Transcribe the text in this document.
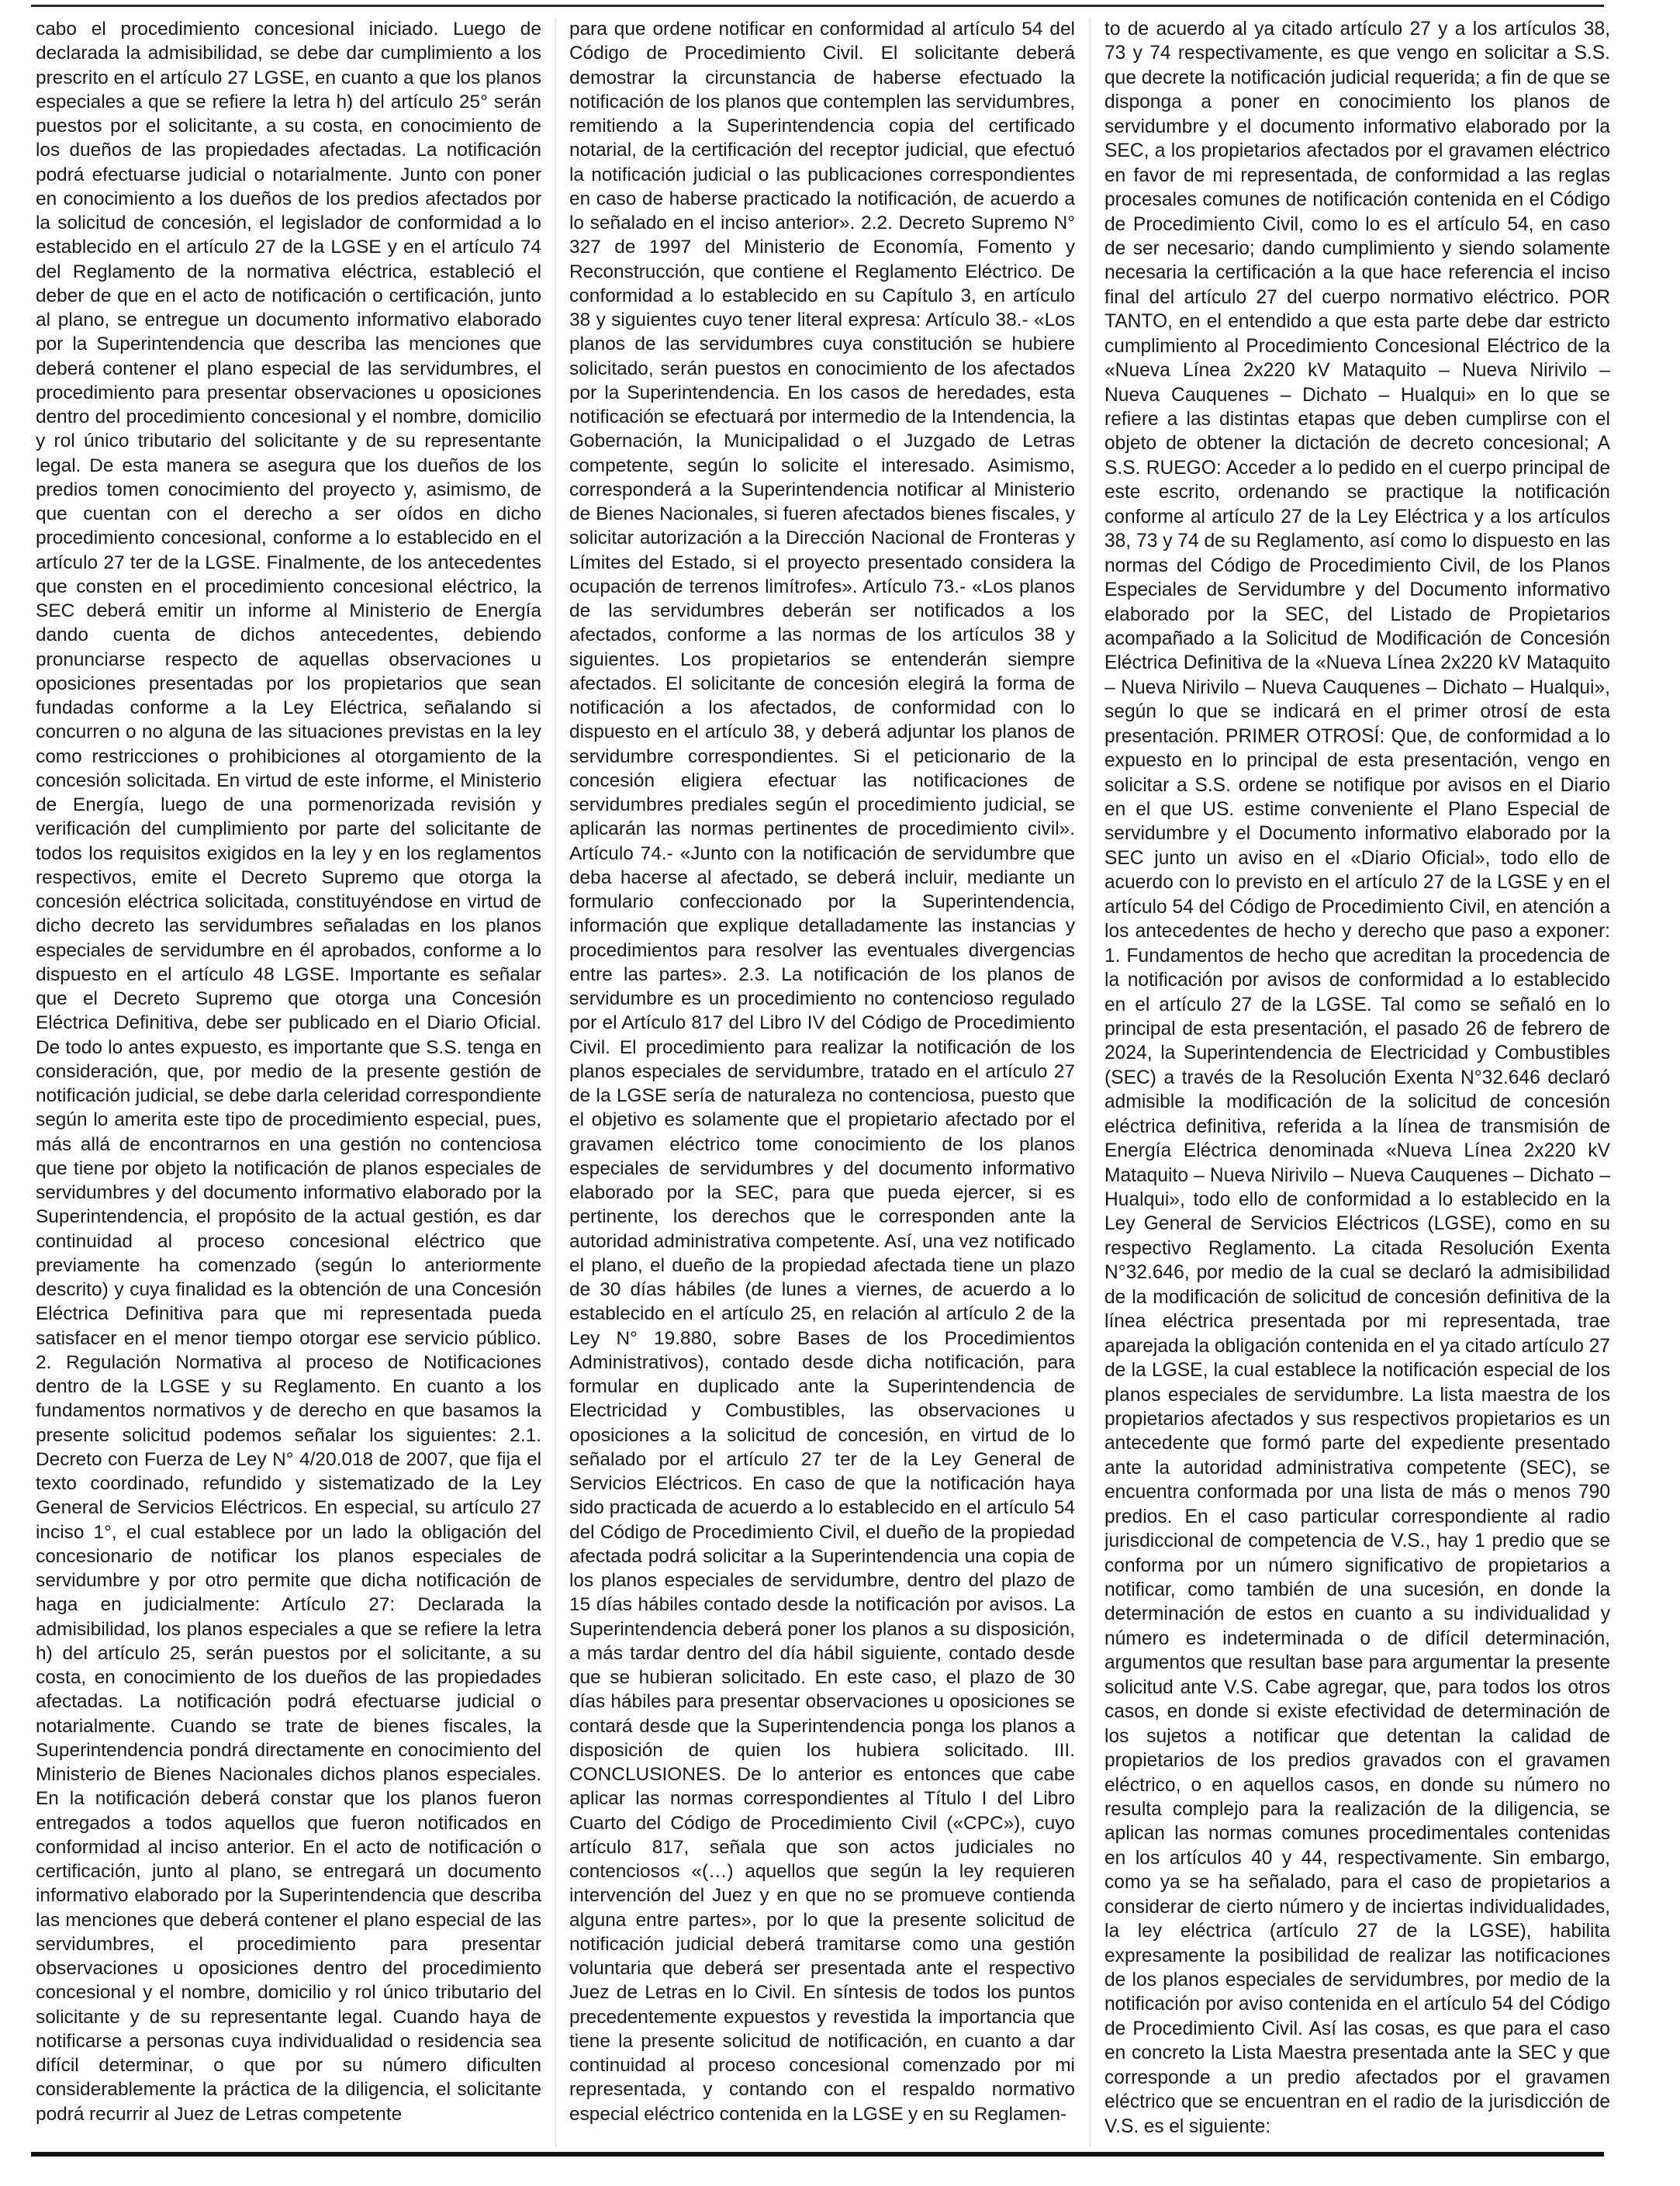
cabo el procedimiento concesional iniciado. Luego de declarada la admisibilidad, se debe dar cumplimiento a los prescrito en el artículo 27 LGSE, en cuanto a que los planos especiales a que se refiere la letra h) del artículo 25° serán puestos por el solicitante, a su costa, en conocimiento de los dueños de las propiedades afectadas. La notificación podrá efectuarse judicial o notarialmente. Junto con poner en conocimiento a los dueños de los predios afectados por la solicitud de concesión, el legislador de conformidad a lo establecido en el artículo 27 de la LGSE y en el artículo 74 del Reglamento de la normativa eléctrica, estableció el deber de que en el acto de notificación o certificación, junto al plano, se entregue un documento informativo elaborado por la Superintendencia que describa las menciones que deberá contener el plano especial de las servidumbres, el procedimiento para presentar observaciones u oposiciones dentro del procedimiento concesional y el nombre, domicilio y rol único tributario del solicitante y de su representante legal. De esta manera se asegura que los dueños de los predios tomen conocimiento del proyecto y, asimismo, de que cuentan con el derecho a ser oídos en dicho procedimiento concesional, conforme a lo establecido en el artículo 27 ter de la LGSE. Finalmente, de los antecedentes que consten en el procedimiento concesional eléctrico, la SEC deberá emitir un informe al Ministerio de Energía dando cuenta de dichos antecedentes, debiendo pronunciarse respecto de aquellas observaciones u oposiciones presentadas por los propietarios que sean fundadas conforme a la Ley Eléctrica, señalando si concurren o no alguna de las situaciones previstas en la ley como restricciones o prohibiciones al otorgamiento de la concesión solicitada. En virtud de este informe, el Ministerio de Energía, luego de una pormenorizada revisión y verificación del cumplimiento por parte del solicitante de todos los requisitos exigidos en la ley y en los reglamentos respectivos, emite el Decreto Supremo que otorga la concesión eléctrica solicitada, constituyéndose en virtud de dicho decreto las servidumbres señaladas en los planos especiales de servidumbre en él aprobados, conforme a lo dispuesto en el artículo 48 LGSE. Importante es señalar que el Decreto Supremo que otorga una Concesión Eléctrica Definitiva, debe ser publicado en el Diario Oficial. De todo lo antes expuesto, es importante que S.S. tenga en consideración, que, por medio de la presente gestión de notificación judicial, se debe darla celeridad correspondiente según lo amerita este tipo de procedimiento especial, pues, más allá de encontrarnos en una gestión no contenciosa que tiene por objeto la notificación de planos especiales de servidumbres y del documento informativo elaborado por la Superintendencia, el propósito de la actual gestión, es dar continuidad al proceso concesional eléctrico que previamente ha comenzado (según lo anteriormente descrito) y cuya finalidad es la obtención de una Concesión Eléctrica Definitiva para que mi representada pueda satisfacer en el menor tiempo otorgar ese servicio público. 2. Regulación Normativa al proceso de Notificaciones dentro de la LGSE y su Reglamento. En cuanto a los fundamentos normativos y de derecho en que basamos la presente solicitud podemos señalar los siguientes: 2.1. Decreto con Fuerza de Ley N° 4/20.018 de 2007, que fija el texto coordinado, refundido y sistematizado de la Ley General de Servicios Eléctricos. En especial, su artículo 27 inciso 1°, el cual establece por un lado la obligación del concesionario de notificar los planos especiales de servidumbre y por otro permite que dicha notificación de haga en judicialmente: Artículo 27: Declarada la admisibilidad, los planos especiales a que se refiere la letra h) del artículo 25, serán puestos por el solicitante, a su costa, en conocimiento de los dueños de las propiedades afectadas. La notificación podrá efectuarse judicial o notarialmente. Cuando se trate de bienes fiscales, la Superintendencia pondrá directamente en conocimiento del Ministerio de Bienes Nacionales dichos planos especiales. En la notificación deberá constar que los planos fueron entregados a todos aquellos que fueron notificados en conformidad al inciso anterior. En el acto de notificación o certificación, junto al plano, se entregará un documento informativo elaborado por la Superintendencia que describa las menciones que deberá contener el plano especial de las servidumbres, el procedimiento para presentar observaciones u oposiciones dentro del procedimiento concesional y el nombre, domicilio y rol único tributario del solicitante y de su representante legal. Cuando haya de notificarse a personas cuya individualidad o residencia sea difícil determinar, o que por su número dificulten considerablemente la práctica de la diligencia, el solicitante podrá recurrir al Juez de Letras competente

para que ordene notificar en conformidad al artículo 54 del Código de Procedimiento Civil. El solicitante deberá demostrar la circunstancia de haberse efectuado la notificación de los planos que contemplen las servidumbres, remitiendo a la Superintendencia copia del certificado notarial, de la certificación del receptor judicial, que efectuó la notificación judicial o las publicaciones correspondientes en caso de haberse practicado la notificación, de acuerdo a lo señalado en el inciso anterior». 2.2. Decreto Supremo N° 327 de 1997 del Ministerio de Economía, Fomento y Reconstrucción, que contiene el Reglamento Eléctrico. De conformidad a lo establecido en su Capítulo 3, en artículo 38 y siguientes cuyo tener literal expresa: Artículo 38.- «Los planos de las servidumbres cuya constitución se hubiere solicitado, serán puestos en conocimiento de los afectados por la Superintendencia. En los casos de heredades, esta notificación se efectuará por intermedio de la Intendencia, la Gobernación, la Municipalidad o el Juzgado de Letras competente, según lo solicite el interesado. Asimismo, corresponderá a la Superintendencia notificar al Ministerio de Bienes Nacionales, si fueren afectados bienes fiscales, y solicitar autorización a la Dirección Nacional de Fronteras y Límites del Estado, si el proyecto presentado considera la ocupación de terrenos limítrofes». Artículo 73.- «Los planos de las servidumbres deberán ser notificados a los afectados, conforme a las normas de los artículos 38 y siguientes. Los propietarios se entenderán siempre afectados. El solicitante de concesión elegirá la forma de notificación a los afectados, de conformidad con lo dispuesto en el artículo 38, y deberá adjuntar los planos de servidumbre correspondientes. Si el peticionario de la concesión eligiera efectuar las notificaciones de servidumbres prediales según el procedimiento judicial, se aplicarán las normas pertinentes de procedimiento civil». Artículo 74.- «Junto con la notificación de servidumbre que deba hacerse al afectado, se deberá incluir, mediante un formulario confeccionado por la Superintendencia, información que explique detalladamente las instancias y procedimientos para resolver las eventuales divergencias entre las partes». 2.3. La notificación de los planos de servidumbre es un procedimiento no contencioso regulado por el Artículo 817 del Libro IV del Código de Procedimiento Civil. El procedimiento para realizar la notificación de los planos especiales de servidumbre, tratado en el artículo 27 de la LGSE sería de naturaleza no contenciosa, puesto que el objetivo es solamente que el propietario afectado por el gravamen eléctrico tome conocimiento de los planos especiales de servidumbres y del documento informativo elaborado por la SEC, para que pueda ejercer, si es pertinente, los derechos que le corresponden ante la autoridad administrativa competente. Así, una vez notificado el plano, el dueño de la propiedad afectada tiene un plazo de 30 días hábiles (de lunes a viernes, de acuerdo a lo establecido en el artículo 25, en relación al artículo 2 de la Ley N° 19.880, sobre Bases de los Procedimientos Administrativos), contado desde dicha notificación, para formular en duplicado ante la Superintendencia de Electricidad y Combustibles, las observaciones u oposiciones a la solicitud de concesión, en virtud de lo señalado por el artículo 27 ter de la Ley General de Servicios Eléctricos. En caso de que la notificación haya sido practicada de acuerdo a lo establecido en el artículo 54 del Código de Procedimiento Civil, el dueño de la propiedad afectada podrá solicitar a la Superintendencia una copia de los planos especiales de servidumbre, dentro del plazo de 15 días hábiles contado desde la notificación por avisos. La Superintendencia deberá poner los planos a su disposición, a más tardar dentro del día hábil siguiente, contado desde que se hubieran solicitado. En este caso, el plazo de 30 días hábiles para presentar observaciones u oposiciones se contará desde que la Superintendencia ponga los planos a disposición de quien los hubiera solicitado. III. CONCLUSIONES. De lo anterior es entonces que cabe aplicar las normas correspondientes al Título I del Libro Cuarto del Código de Procedimiento Civil («CPC»), cuyo artículo 817, señala que son actos judiciales no contenciosos «(…) aquellos que según la ley requieren intervención del Juez y en que no se promueve contienda alguna entre partes», por lo que la presente solicitud de notificación judicial deberá tramitarse como una gestión voluntaria que deberá ser presentada ante el respectivo Juez de Letras en lo Civil. En síntesis de todos los puntos precedentemente expuestos y revestida la importancia que tiene la presente solicitud de notificación, en cuanto a dar continuidad al proceso concesional comenzado por mi representada, y contando con el respaldo normativo especial eléctrico contenida en la LGSE y en su Reglamen-

to de acuerdo al ya citado artículo 27 y a los artículos 38, 73 y 74 respectivamente, es que vengo en solicitar a S.S. que decrete la notificación judicial requerida; a fin de que se disponga a poner en conocimiento los planos de servidumbre y el documento informativo elaborado por la SEC, a los propietarios afectados por el gravamen eléctrico en favor de mi representada, de conformidad a las reglas procesales comunes de notificación contenida en el Código de Procedimiento Civil, como lo es el artículo 54, en caso de ser necesario; dando cumplimiento y siendo solamente necesaria la certificación a la que hace referencia el inciso final del artículo 27 del cuerpo normativo eléctrico. POR TANTO, en el entendido a que esta parte debe dar estricto cumplimiento al Procedimiento Concesional Eléctrico de la «Nueva Línea 2x220 kV Mataquito – Nueva Nirivilo – Nueva Cauquenes – Dichato – Hualqui» en lo que se refiere a las distintas etapas que deben cumplirse con el objeto de obtener la dictación de decreto concesional; A S.S. RUEGO: Acceder a lo pedido en el cuerpo principal de este escrito, ordenando se practique la notificación conforme al artículo 27 de la Ley Eléctrica y a los artículos 38, 73 y 74 de su Reglamento, así como lo dispuesto en las normas del Código de Procedimiento Civil, de los Planos Especiales de Servidumbre y del Documento informativo elaborado por la SEC, del Listado de Propietarios acompañado a la Solicitud de Modificación de Concesión Eléctrica Definitiva de la «Nueva Línea 2x220 kV Mataquito – Nueva Nirivilo – Nueva Cauquenes – Dichato – Hualqui», según lo que se indicará en el primer otrosí de esta presentación. PRIMER OTROSÍ: Que, de conformidad a lo expuesto en lo principal de esta presentación, vengo en solicitar a S.S. ordene se notifique por avisos en el Diario en el que US. estime conveniente el Plano Especial de servidumbre y el Documento informativo elaborado por la SEC junto un aviso en el «Diario Oficial», todo ello de acuerdo con lo previsto en el artículo 27 de la LGSE y en el artículo 54 del Código de Procedimiento Civil, en atención a los antecedentes de hecho y derecho que paso a exponer: 1. Fundamentos de hecho que acreditan la procedencia de la notificación por avisos de conformidad a lo establecido en el artículo 27 de la LGSE. Tal como se señaló en lo principal de esta presentación, el pasado 26 de febrero de 2024, la Superintendencia de Electricidad y Combustibles (SEC) a través de la Resolución Exenta N°32.646 declaró admisible la modificación de la solicitud de concesión eléctrica definitiva, referida a la línea de transmisión de Energía Eléctrica denominada «Nueva Línea 2x220 kV Mataquito – Nueva Nirivilo – Nueva Cauquenes – Dichato – Hualqui», todo ello de conformidad a lo establecido en la Ley General de Servicios Eléctricos (LGSE), como en su respectivo Reglamento. La citada Resolución Exenta N°32.646, por medio de la cual se declaró la admisibilidad de la modificación de solicitud de concesión definitiva de la línea eléctrica presentada por mi representada, trae aparejada la obligación contenida en el ya citado artículo 27 de la LGSE, la cual establece la notificación especial de los planos especiales de servidumbre. La lista maestra de los propietarios afectados y sus respectivos propietarios es un antecedente que formó parte del expediente presentado ante la autoridad administrativa competente (SEC), se encuentra conformada por una lista de más o menos 790 predios. En el caso particular correspondiente al radio jurisdiccional de competencia de V.S., hay 1 predio que se conforma por un número significativo de propietarios a notificar, como también de una sucesión, en donde la determinación de estos en cuanto a su individualidad y número es indeterminada o de difícil determinación, argumentos que resultan base para argumentar la presente solicitud ante V.S. Cabe agregar, que, para todos los otros casos, en donde si existe efectividad de determinación de los sujetos a notificar que detentan la calidad de propietarios de los predios gravados con el gravamen eléctrico, o en aquellos casos, en donde su número no resulta complejo para la realización de la diligencia, se aplican las normas comunes procedimentales contenidas en los artículos 40 y 44, respectivamente. Sin embargo, como ya se ha señalado, para el caso de propietarios a considerar de cierto número y de inciertas individualidades, la ley eléctrica (artículo 27 de la LGSE), habilita expresamente la posibilidad de realizar las notificaciones de los planos especiales de servidumbres, por medio de la notificación por aviso contenida en el artículo 54 del Código de Procedimiento Civil. Así las cosas, es que para el caso en concreto la Lista Maestra presentada ante la SEC y que corresponde a un predio afectados por el gravamen eléctrico que se encuentran en el radio de la jurisdicción de V.S. es el siguiente:
